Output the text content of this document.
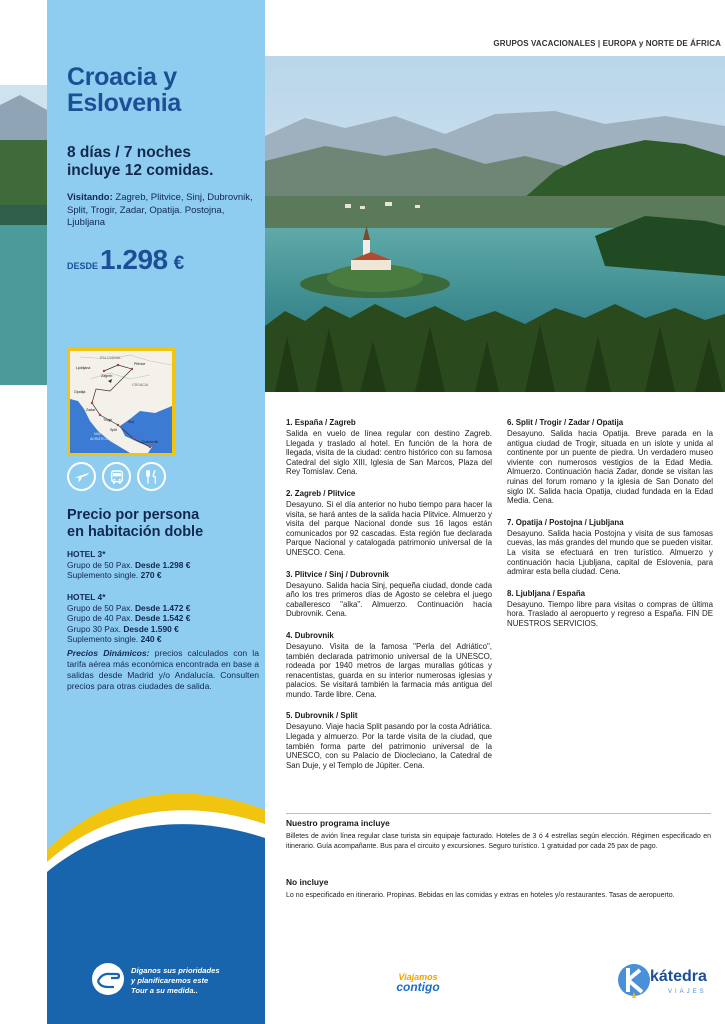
GRUPOS VACACIONALES | EUROPA y NORTE DE ÁFRICA
Croacia y
Eslovenia
8 días / 7 noches
incluye 12 comidas.
Visitando: Zagreb, Plitvice, Sinj, Dubrovnik, Split, Trogir, Zadar, Opatija. Postojna, Ljubljana
DESDE 1.298 €
ESLOVENIA
Ljubljana
Zagreb
Plitvice
CROACIA
Opatija
Zadar
Trogir
Split
Sinj
MAR
ADRIÁTICO
Dubrovnik
Precio por persona
en habitación doble
HOTEL 3*
Grupo de 50 Pax. Desde 1.298 €
Suplemento single. 270 €
HOTEL 4*
Grupo de 50 Pax. Desde 1.472 €
Grupo de 40 Pax. Desde 1.542 €
Grupo 30 Pax. Desde 1.590 €
Suplemento single. 240 €
Precios Dinámicos: precios calculados con la tarifa aérea más económica encontrada en base a salidas desde Madrid y/o Andalucía. Consulten precios para otras ciudades de salida.
Díganos sus prioridades
y planificaremos este
Tour a su medida..
1. España / Zagreb
Salida en vuelo de línea regular con destino Zagreb. Llegada y traslado al hotel. En función de la hora de llegada, visita de la ciudad: centro histórico con su famosa Catedral del siglo XIII, Iglesia de San Marcos, Plaza del Rey Tomislav. Cena.
2. Zagreb / Plitvice
Desayuno. Si el día anterior no hubo tiempo para hacer la visita, se hará antes de la salida hacia Plitvice. Almuerzo y visita del parque Nacional donde sus 16 lagos están comunicados por 92 cascadas. Esta región fue declarada Parque Nacional y catalogada patrimonio universal de la UNESCO. Cena.
3. Plitvice / Sinj / Dubrovnik
Desayuno. Salida hacia Sinj, pequeña ciudad, donde cada año los tres primeros días de Agosto se celebra el juego caballeresco "alka". Almuerzo. Continuación hacia Dubrovnik. Cena.
4. Dubrovnik
Desayuno. Visita de la famosa "Perla del Adriático", también declarada patrimonio universal de la UNESCO, rodeada por 1940 metros de largas murallas góticas y renacentistas, guarda en su interior numerosas iglesias y palacios. Se visitará también la farmacia más antigua del mundo. Tarde libre. Cena.
5. Dubrovnik / Split
Desayuno. Viaje hacia Split pasando por la costa Adriática. Llegada y almuerzo. Por la tarde visita de la ciudad, que también forma parte del patrimonio universal de la UNESCO, con su Palacio de Diocleciano, la Catedral de San Duje, y el Templo de Júpiter. Cena.
6. Split / Trogir / Zadar / Opatija
Desayuno. Salida hacia Opatija. Breve parada en la antigua ciudad de Trogir, situada en un islote y unida al continente por un puente de piedra. Un verdadero museo viviente con numerosos vestigios de la Edad Media. Almuerzo. Continuación hacia Zadar, donde se visitan las ruinas del forum romano y la iglesia de San Donato del siglo IX. Salida hacia Opatija, ciudad fundada en la Edad Media. Cena.
7. Opatija / Postojna / Ljubljana
Desayuno. Salida hacia Postojna y visita de sus famosas cuevas, las más grandes del mundo que se pueden visitar. La visita se efectuará en tren turístico. Almuerzo y continuación hacia Ljubljana, capital de Eslovenia, para admirar esta bella ciudad. Cena.
8. Ljubljana / España
Desayuno. Tiempo libre para visitas o compras de última hora. Traslado al aeropuerto y regreso a España. FIN DE NUESTROS SERVICIOS.
Nuestro programa incluye
Billetes de avión línea regular clase turista sin equipaje facturado. Hoteles de 3 ó 4 estrellas según elección. Régimen especificado en itinerario. Guía acompañante. Bus para el circuito y excursiones. Seguro turístico. 1 gratuidad por cada 25 pax de pago.
No incluye
Lo no especificado en itinerario. Propinas. Bebidas en las comidas y extras en hoteles y/o restaurantes. Tasas de aeropuerto.
Viajamos
contigo
kátedra
VIAJES
